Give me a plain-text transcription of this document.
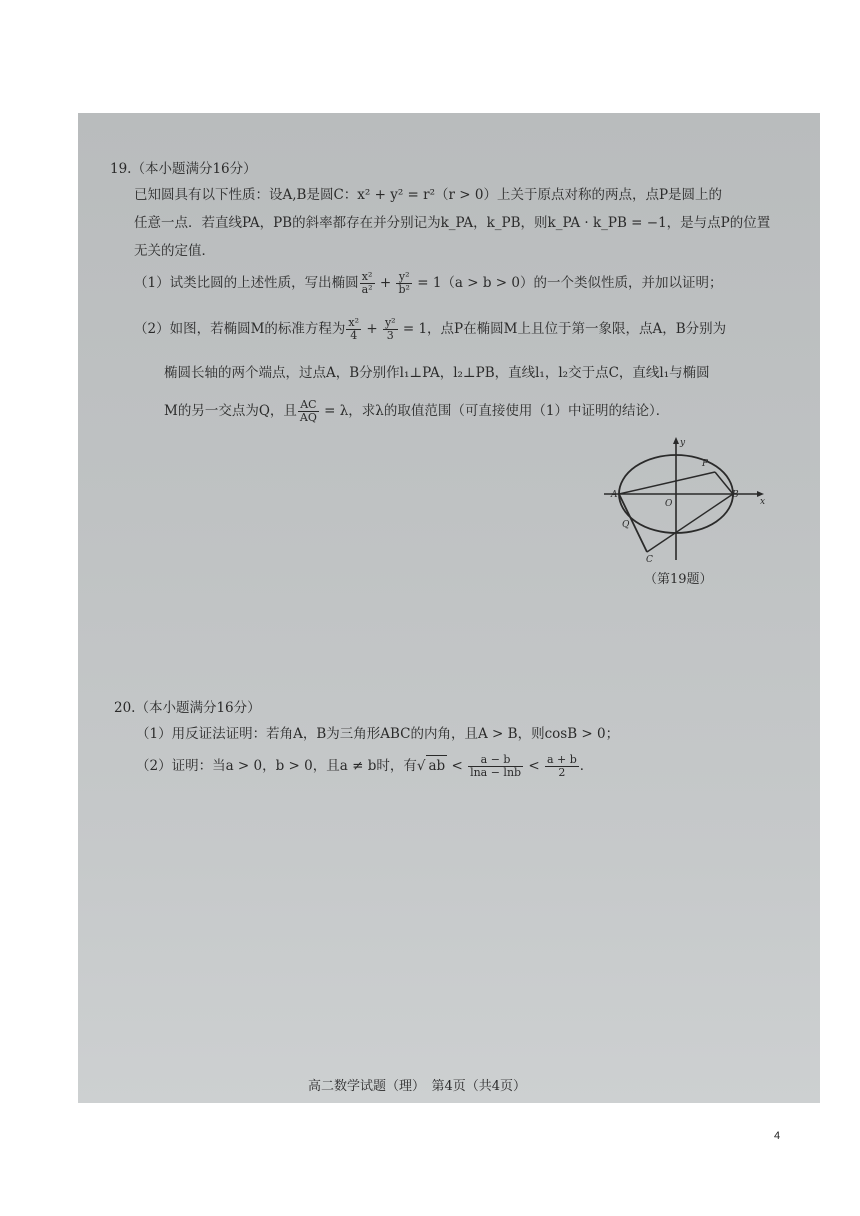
19.（本小题满分16分）
已知圆具有以下性质：设A,B是圆C：x² + y² = r²（r > 0）上关于原点对称的两点，点P是圆上的
任意一点．若直线PA，PB的斜率都存在并分别记为k_PA，k_PB，则k_PA · k_PB = −1，是与点P的位置
无关的定值．
（1）试类比圆的上述性质，写出椭圆 $\frac{\text{x²}}{\text{a²}} + \frac{\text{y²}}{\text{b²}} = 1(a > b > 0)$的一个类似性质，并加以证明；
（2）如图，若椭圆M的标准方程为 $\frac{\text{x²}}{4} + \frac{\text{y²}}{3} = 1$，点P在椭圆M上且位于第一象限，点A，B分别为
椭圆长轴的两个端点，过点A，B分别作l₁⊥PA，l₂⊥PB，直线l₁，l₂交于点C，直线l₁与椭圆
M的另一交点为Q，且 $\frac{AC}{AQ} = \lambda$，求λ的取值范围（可直接使用（1）中证明的结论）．
y
x
P
A	B
O
Q
C
（第19题）
20.（本小题满分16分）
（1）用反证法证明：若角A，B为三角形ABC的内角，且A > B，则cosB > 0；
（2）证明：当a > 0，b > 0，且a ≠ b时，有√ ab < $\frac{a - b}{\ln a - \ln b} < \frac{a + b}{2}$ ．
高二数学试题（理）　第4页（共4页）
4
